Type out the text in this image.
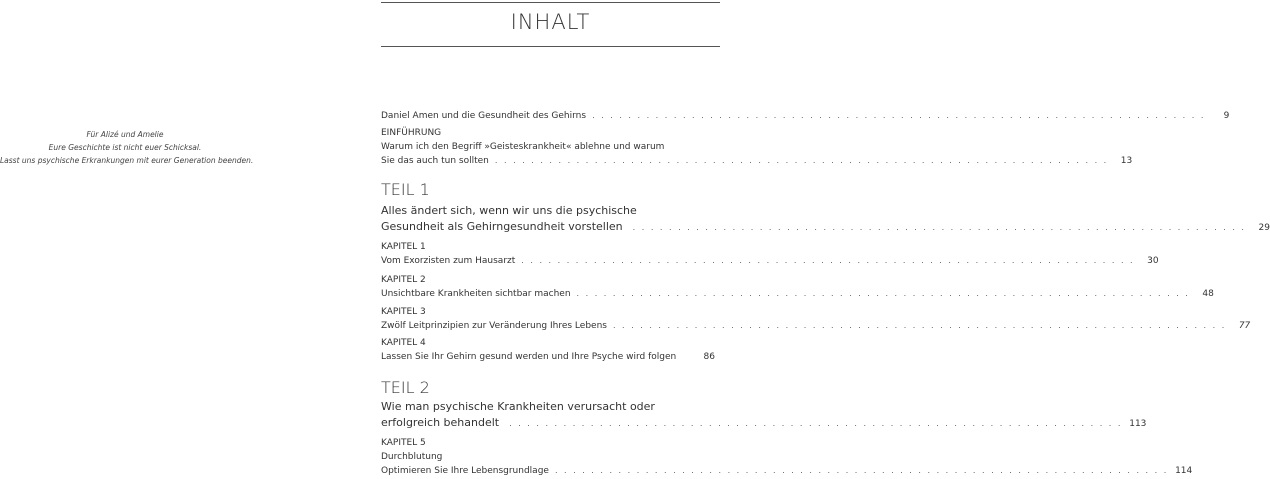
Für Alizé und Amelie
Eure Geschichte ist nicht euer Schicksal.
Lasst uns psychische Erkrankungen mit eurer Generation beenden.
INHALT
Daniel Amen und die Gesundheit des Gehirns . . . . . . . . . . . . . . . . . . . . . . . . . . . . . . . . . . . . . . . . . . . . . . . . . . . . . . . . . . . . . . . . . . . .	9
EINFÜHRUNG
Warum ich den Begriff »Geisteskrankheit« ablehne und warum
Sie das auch tun sollten . . . . . . . . . . . . . . . . . . . . . . . . . . . . . . . . . . . . . . . . . . . . . . . . . . . . . . . . . . . . . . . . . . . .	13
TEIL 1
Alles ändert sich, wenn wir uns die psychische
Gesundheit als Gehirngesundheit vorstellen . . . . . . . . . . . . . . . . . . . . . . . . . . . . . . . . . . . . . . . . . . . . . . . . . . . . . . . . . . . . . . . . . . . .	29
KAPITEL 1
Vom Exorzisten zum Hausarzt . . . . . . . . . . . . . . . . . . . . . . . . . . . . . . . . . . . . . . . . . . . . . . . . . . . . . . . . . . . . . . . . . . . .	30
KAPITEL 2
Unsichtbare Krankheiten sichtbar machen . . . . . . . . . . . . . . . . . . . . . . . . . . . . . . . . . . . . . . . . . . . . . . . . . . . . . . . . . . . . . . . . . . . .	48
KAPITEL 3
Zwölf Leitprinzipien zur Veränderung Ihres Lebens . . . . . . . . . . . . . . . . . . . . . . . . . . . . . . . . . . . . . . . . . . . . . . . . . . . . . . . . . . . . . . . . . . . .	77
KAPITEL 4
Lassen Sie Ihr Gehirn gesund werden und Ihre Psyche wird folgen	86
TEIL 2
Wie man psychische Krankheiten verursacht oder
erfolgreich behandelt . . . . . . . . . . . . . . . . . . . . . . . . . . . . . . . . . . . . . . . . . . . . . . . . . . . . . . . . . . . . . . . . . . . . 113
KAPITEL 5
Durchblutung
Optimieren Sie Ihre Lebensgrundlage . . . . . . . . . . . . . . . . . . . . . . . . . . . . . . . . . . . . . . . . . . . . . . . . . . . . . . . . . . . . . . . . . . . . 114
